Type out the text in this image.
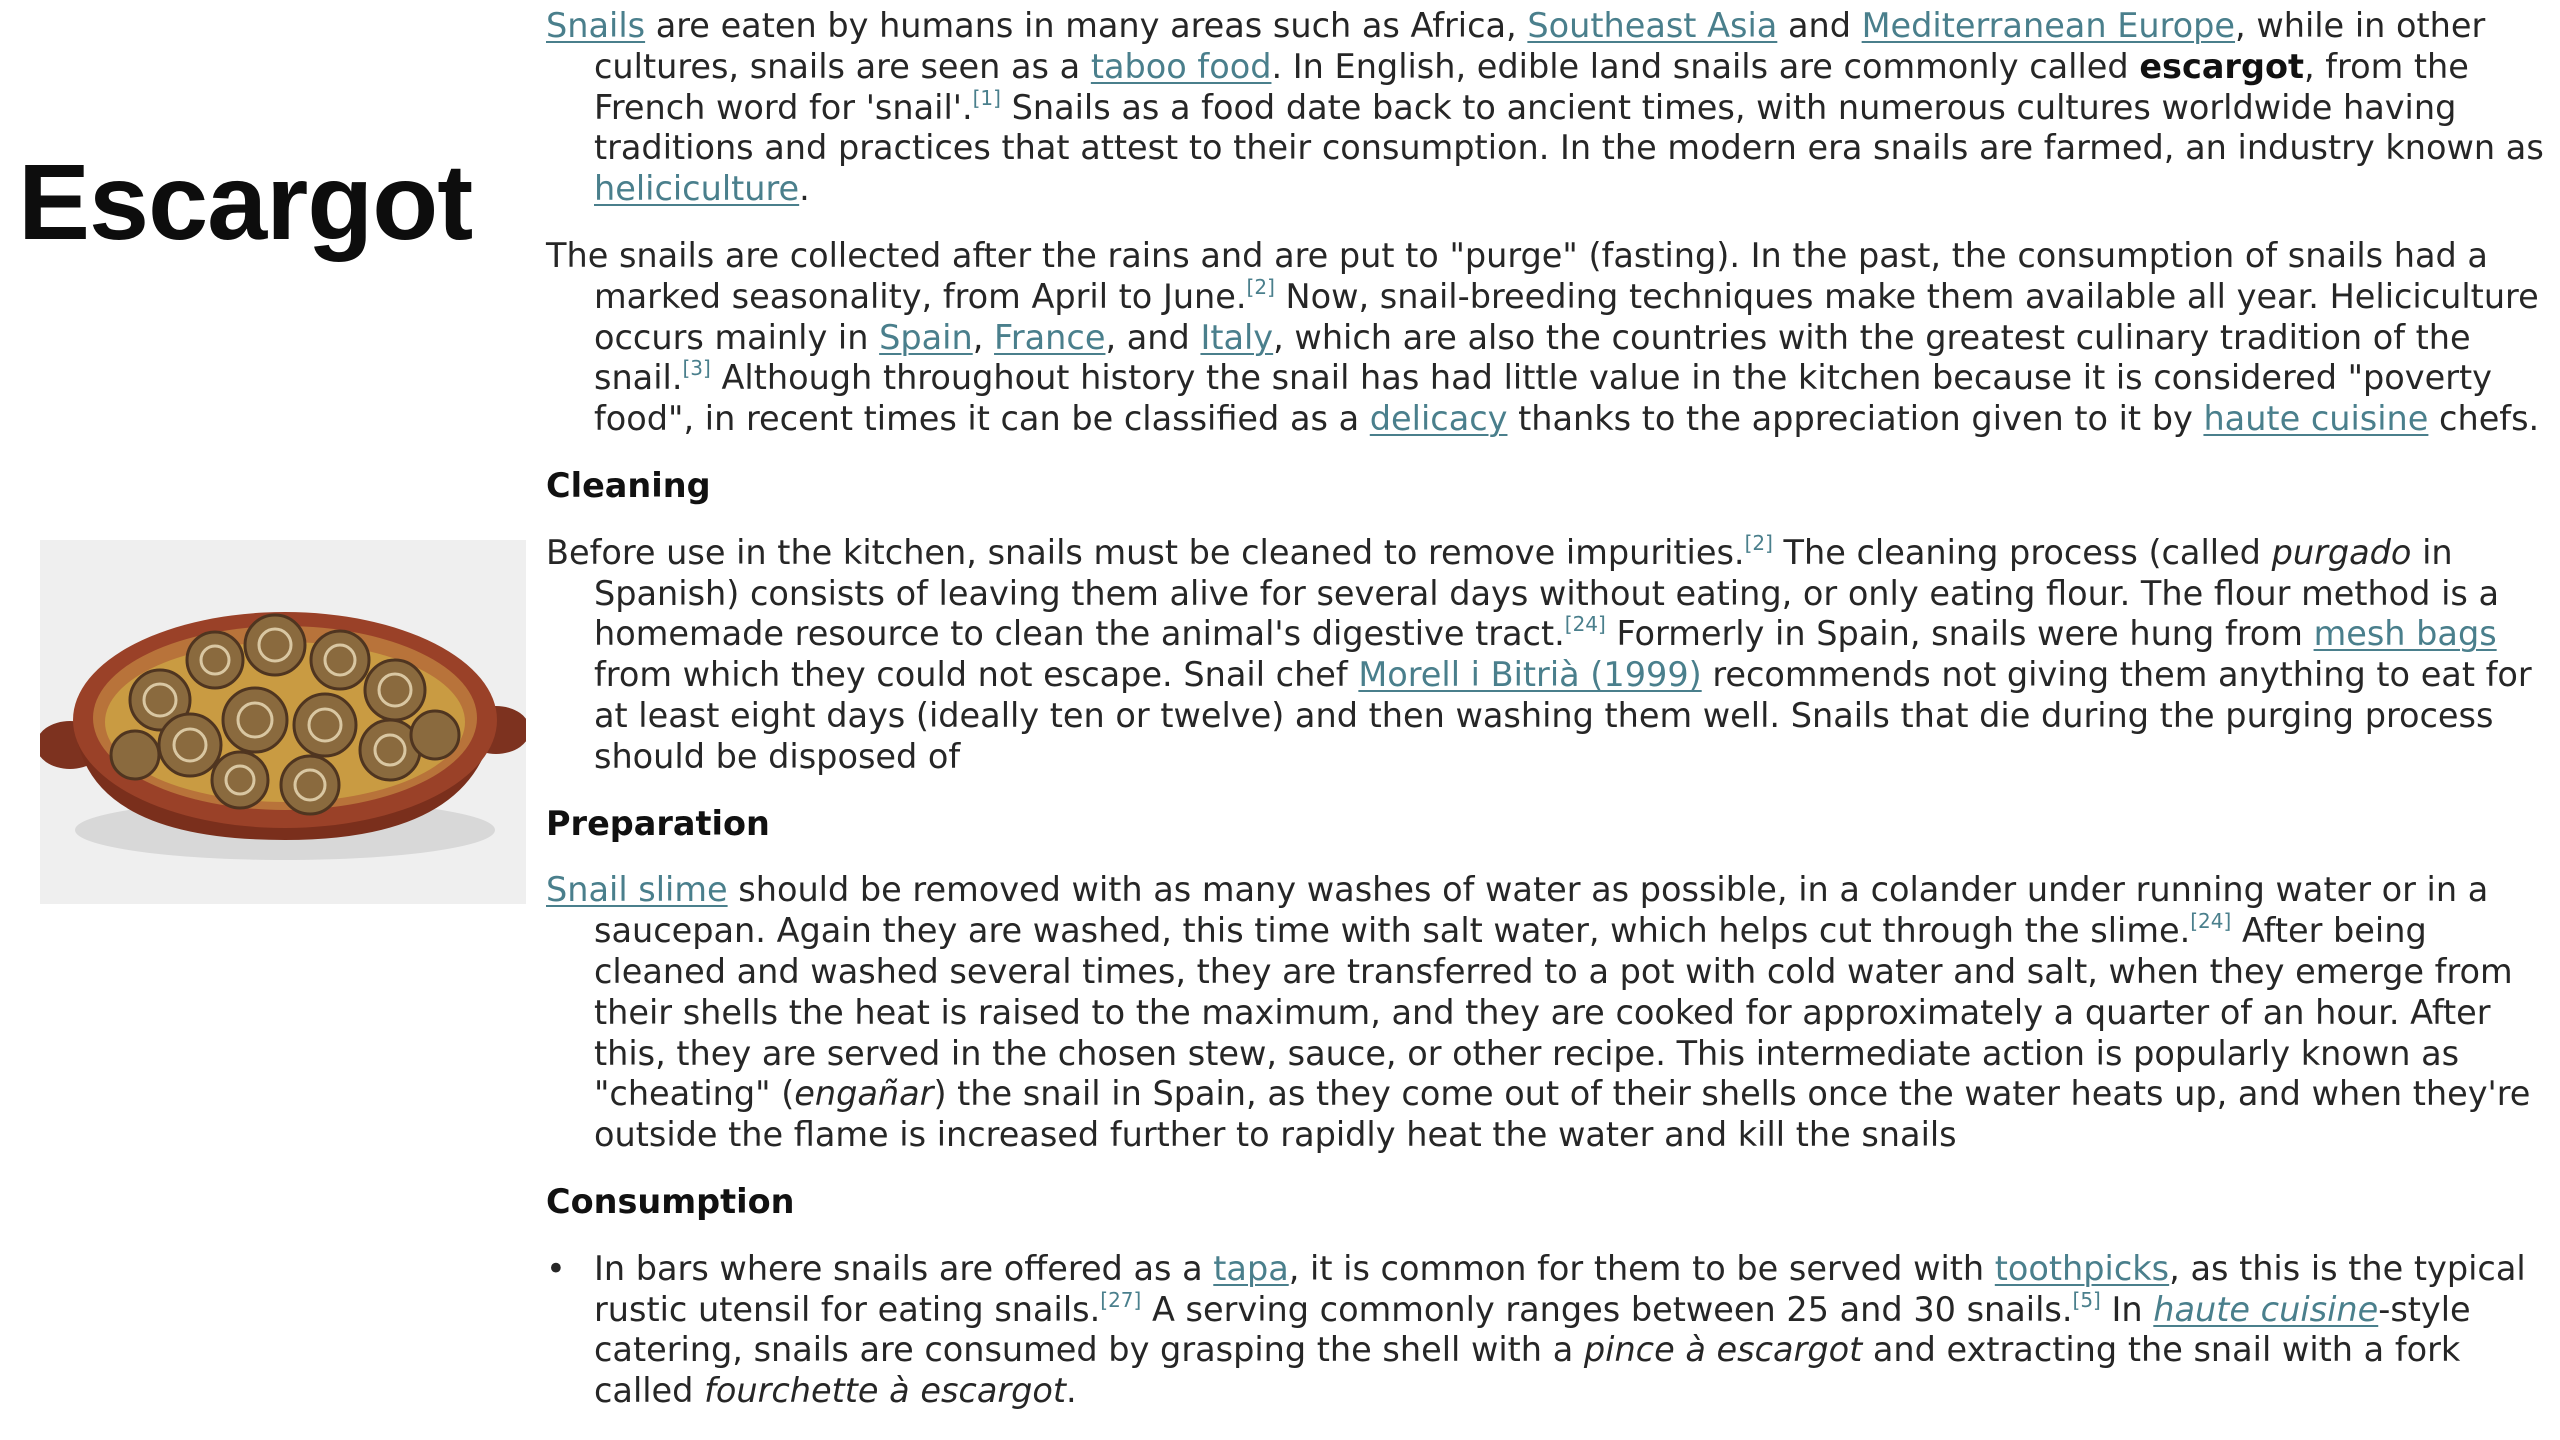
Escargot

Snails are eaten by humans in many areas such as Africa, Southeast Asia and Mediterranean Europe, while in other cultures, snails are seen as a taboo food. In English, edible land snails are commonly called escargot, from the French word for 'snail'.[1] Snails as a food date back to ancient times, with numerous cultures worldwide having traditions and practices that attest to their consumption. In the modern era snails are farmed, an industry known as heliciculture.

The snails are collected after the rains and are put to "purge" (fasting). In the past, the consumption of snails had a marked seasonality, from April to June.[2] Now, snail-breeding techniques make them available all year. Heliciculture occurs mainly in Spain, France, and Italy, which are also the countries with the greatest culinary tradition of the snail.[3] Although throughout history the snail has had little value in the kitchen because it is considered "poverty food", in recent times it can be classified as a delicacy thanks to the appreciation given to it by haute cuisine chefs.

Cleaning

Before use in the kitchen, snails must be cleaned to remove impurities.[2] The cleaning process (called purgado in Spanish) consists of leaving them alive for several days without eating, or only eating flour. The flour method is a homemade resource to clean the animal's digestive tract.[24] Formerly in Spain, snails were hung from mesh bags from which they could not escape. Snail chef Morell i Bitrià (1999) recommends not giving them anything to eat for at least eight days (ideally ten or twelve) and then washing them well. Snails that die during the purging process should be disposed of

Preparation

Snail slime should be removed with as many washes of water as possible, in a colander under running water or in a saucepan. Again they are washed, this time with salt water, which helps cut through the slime.[24] After being cleaned and washed several times, they are transferred to a pot with cold water and salt, when they emerge from their shells the heat is raised to the maximum, and they are cooked for approximately a quarter of an hour. After this, they are served in the chosen stew, sauce, or other recipe. This intermediate action is popularly known as "cheating" (engañar) the snail in Spain, as they come out of their shells once the water heats up, and when they're outside the flame is increased further to rapidly heat the water and kill the snails

Consumption
• In bars where snails are offered as a tapa, it is common for them to be served with toothpicks, as this is the typical rustic utensil for eating snails.[27] A serving commonly ranges between 25 and 30 snails.[5] In haute cuisine-style catering, snails are consumed by grasping the shell with a pince à escargot and extracting the snail with a fork called fourchette à escargot.
